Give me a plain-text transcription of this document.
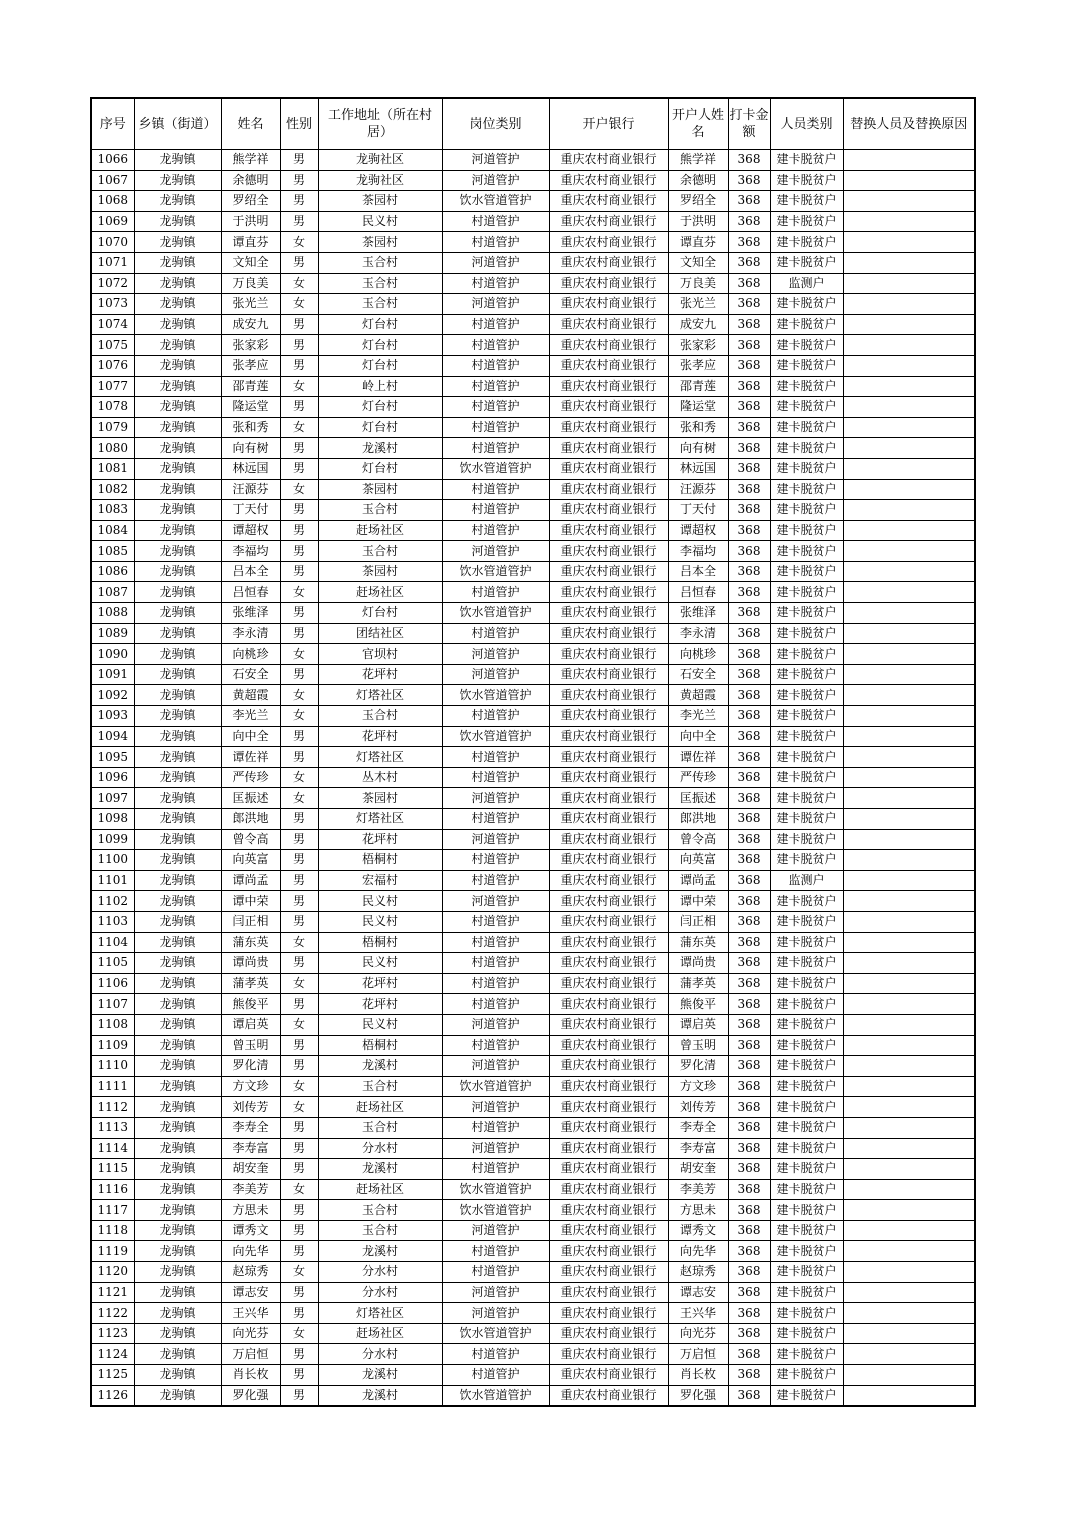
序号	乡镇（街道）	姓名	性别	工作地址（所在村居）	岗位类别	开户银行	开户人姓名	打卡金额	人员类别	替换人员及替换原因
1066	龙驹镇	熊学祥	男	龙驹社区	河道管护	重庆农村商业银行	熊学祥	368	建卡脱贫户	
1067	龙驹镇	余德明	男	龙驹社区	河道管护	重庆农村商业银行	余德明	368	建卡脱贫户	
1068	龙驹镇	罗绍全	男	茶园村	饮水管道管护	重庆农村商业银行	罗绍全	368	建卡脱贫户	
1069	龙驹镇	于洪明	男	民义村	村道管护	重庆农村商业银行	于洪明	368	建卡脱贫户	
1070	龙驹镇	谭直芬	女	茶园村	村道管护	重庆农村商业银行	谭直芬	368	建卡脱贫户	
1071	龙驹镇	文知全	男	玉合村	河道管护	重庆农村商业银行	文知全	368	建卡脱贫户	
1072	龙驹镇	万良美	女	玉合村	村道管护	重庆农村商业银行	万良美	368	监测户	
1073	龙驹镇	张光兰	女	玉合村	河道管护	重庆农村商业银行	张光兰	368	建卡脱贫户	
1074	龙驹镇	成安九	男	灯台村	村道管护	重庆农村商业银行	成安九	368	建卡脱贫户	
1075	龙驹镇	张家彩	男	灯台村	村道管护	重庆农村商业银行	张家彩	368	建卡脱贫户	
1076	龙驹镇	张孝应	男	灯台村	村道管护	重庆农村商业银行	张孝应	368	建卡脱贫户	
1077	龙驹镇	邵青莲	女	岭上村	村道管护	重庆农村商业银行	邵青莲	368	建卡脱贫户	
1078	龙驹镇	隆运堂	男	灯台村	村道管护	重庆农村商业银行	隆运堂	368	建卡脱贫户	
1079	龙驹镇	张和秀	女	灯台村	村道管护	重庆农村商业银行	张和秀	368	建卡脱贫户	
1080	龙驹镇	向有树	男	龙溪村	村道管护	重庆农村商业银行	向有树	368	建卡脱贫户	
1081	龙驹镇	林远国	男	灯台村	饮水管道管护	重庆农村商业银行	林远国	368	建卡脱贫户	
1082	龙驹镇	汪源芬	女	茶园村	村道管护	重庆农村商业银行	汪源芬	368	建卡脱贫户	
1083	龙驹镇	丁天付	男	玉合村	村道管护	重庆农村商业银行	丁天付	368	建卡脱贫户	
1084	龙驹镇	谭超权	男	赶场社区	村道管护	重庆农村商业银行	谭超权	368	建卡脱贫户	
1085	龙驹镇	李福均	男	玉合村	河道管护	重庆农村商业银行	李福均	368	建卡脱贫户	
1086	龙驹镇	吕本全	男	茶园村	饮水管道管护	重庆农村商业银行	吕本全	368	建卡脱贫户	
1087	龙驹镇	吕恒春	女	赶场社区	村道管护	重庆农村商业银行	吕恒春	368	建卡脱贫户	
1088	龙驹镇	张维泽	男	灯台村	饮水管道管护	重庆农村商业银行	张维泽	368	建卡脱贫户	
1089	龙驹镇	李永清	男	团结社区	村道管护	重庆农村商业银行	李永清	368	建卡脱贫户	
1090	龙驹镇	向桃珍	女	官坝村	河道管护	重庆农村商业银行	向桃珍	368	建卡脱贫户	
1091	龙驹镇	石安全	男	花坪村	河道管护	重庆农村商业银行	石安全	368	建卡脱贫户	
1092	龙驹镇	黄超霞	女	灯塔社区	饮水管道管护	重庆农村商业银行	黄超霞	368	建卡脱贫户	
1093	龙驹镇	李光兰	女	玉合村	村道管护	重庆农村商业银行	李光兰	368	建卡脱贫户	
1094	龙驹镇	向中全	男	花坪村	饮水管道管护	重庆农村商业银行	向中全	368	建卡脱贫户	
1095	龙驹镇	谭佐祥	男	灯塔社区	村道管护	重庆农村商业银行	谭佐祥	368	建卡脱贫户	
1096	龙驹镇	严传珍	女	丛木村	村道管护	重庆农村商业银行	严传珍	368	建卡脱贫户	
1097	龙驹镇	匡振述	女	茶园村	河道管护	重庆农村商业银行	匡振述	368	建卡脱贫户	
1098	龙驹镇	郎洪地	男	灯塔社区	村道管护	重庆农村商业银行	郎洪地	368	建卡脱贫户	
1099	龙驹镇	曾令高	男	花坪村	河道管护	重庆农村商业银行	曾令高	368	建卡脱贫户	
1100	龙驹镇	向英富	男	梧桐村	村道管护	重庆农村商业银行	向英富	368	建卡脱贫户	
1101	龙驹镇	谭尚孟	男	宏福村	村道管护	重庆农村商业银行	谭尚孟	368	监测户	
1102	龙驹镇	谭中荣	男	民义村	河道管护	重庆农村商业银行	谭中荣	368	建卡脱贫户	
1103	龙驹镇	闫正相	男	民义村	村道管护	重庆农村商业银行	闫正相	368	建卡脱贫户	
1104	龙驹镇	蒲东英	女	梧桐村	村道管护	重庆农村商业银行	蒲东英	368	建卡脱贫户	
1105	龙驹镇	谭尚贵	男	民义村	村道管护	重庆农村商业银行	谭尚贵	368	建卡脱贫户	
1106	龙驹镇	蒲孝英	女	花坪村	村道管护	重庆农村商业银行	蒲孝英	368	建卡脱贫户	
1107	龙驹镇	熊俊平	男	花坪村	村道管护	重庆农村商业银行	熊俊平	368	建卡脱贫户	
1108	龙驹镇	谭启英	女	民义村	河道管护	重庆农村商业银行	谭启英	368	建卡脱贫户	
1109	龙驹镇	曾玉明	男	梧桐村	村道管护	重庆农村商业银行	曾玉明	368	建卡脱贫户	
1110	龙驹镇	罗化清	男	龙溪村	河道管护	重庆农村商业银行	罗化清	368	建卡脱贫户	
1111	龙驹镇	方文珍	女	玉合村	饮水管道管护	重庆农村商业银行	方文珍	368	建卡脱贫户	
1112	龙驹镇	刘传芳	女	赶场社区	河道管护	重庆农村商业银行	刘传芳	368	建卡脱贫户	
1113	龙驹镇	李寿全	男	玉合村	村道管护	重庆农村商业银行	李寿全	368	建卡脱贫户	
1114	龙驹镇	李寿富	男	分水村	河道管护	重庆农村商业银行	李寿富	368	建卡脱贫户	
1115	龙驹镇	胡安奎	男	龙溪村	村道管护	重庆农村商业银行	胡安奎	368	建卡脱贫户	
1116	龙驹镇	李美芳	女	赶场社区	饮水管道管护	重庆农村商业银行	李美芳	368	建卡脱贫户	
1117	龙驹镇	方思未	男	玉合村	饮水管道管护	重庆农村商业银行	方思未	368	建卡脱贫户	
1118	龙驹镇	谭秀文	男	玉合村	河道管护	重庆农村商业银行	谭秀文	368	建卡脱贫户	
1119	龙驹镇	向先华	男	龙溪村	村道管护	重庆农村商业银行	向先华	368	建卡脱贫户	
1120	龙驹镇	赵琼秀	女	分水村	村道管护	重庆农村商业银行	赵琼秀	368	建卡脱贫户	
1121	龙驹镇	谭志安	男	分水村	河道管护	重庆农村商业银行	谭志安	368	建卡脱贫户	
1122	龙驹镇	王兴华	男	灯塔社区	河道管护	重庆农村商业银行	王兴华	368	建卡脱贫户	
1123	龙驹镇	向光芬	女	赶场社区	饮水管道管护	重庆农村商业银行	向光芬	368	建卡脱贫户	
1124	龙驹镇	万启恒	男	分水村	村道管护	重庆农村商业银行	万启恒	368	建卡脱贫户	
1125	龙驹镇	肖长枚	男	龙溪村	村道管护	重庆农村商业银行	肖长枚	368	建卡脱贫户	
1126	龙驹镇	罗化强	男	龙溪村	饮水管道管护	重庆农村商业银行	罗化强	368	建卡脱贫户	
